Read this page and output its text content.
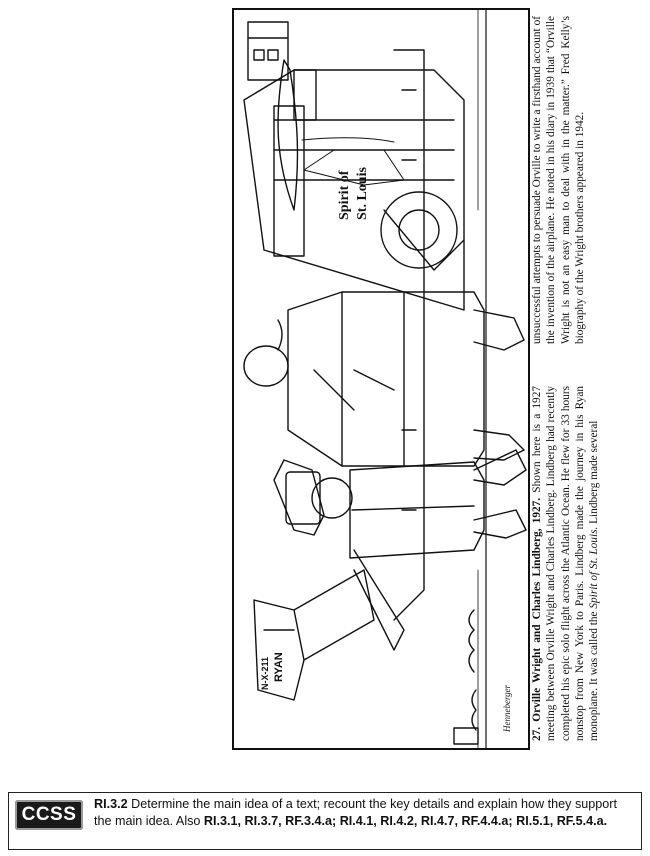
Spirit of St. Louis
RYAN
N-X-211
Henneberger 27. Orville Wright and Charles Lindberg, 1927. Shown here is a 1927 meeting between Orville Wright and Charles Lindberg. Lindberg had recently completed his epic solo flight across the Atlantic Ocean. He flew for 33 hours nonstop from New York to Paris. Lindberg made the journey in his Ryan monoplane. It was called the Spirit of St. Louis. Lindberg made several

unsuccessful attempts to persuade Orville to write a firsthand account of the invention of the airplane. He noted in his diary in 1939 that “Orville Wright is not an easy man to deal with in the matter.” Fred Kelly’s biography of the Wright brothers appeared in 1942.

CCSS	RI.3.2 Determine the main idea of a text; recount the key details and explain how they support the main idea. Also RI.3.1, RI.3.7, RF.3.4.a; RI.4.1, RI.4.2, RI.4.7, RF.4.4.a; RI.5.1, RF.5.4.a.
